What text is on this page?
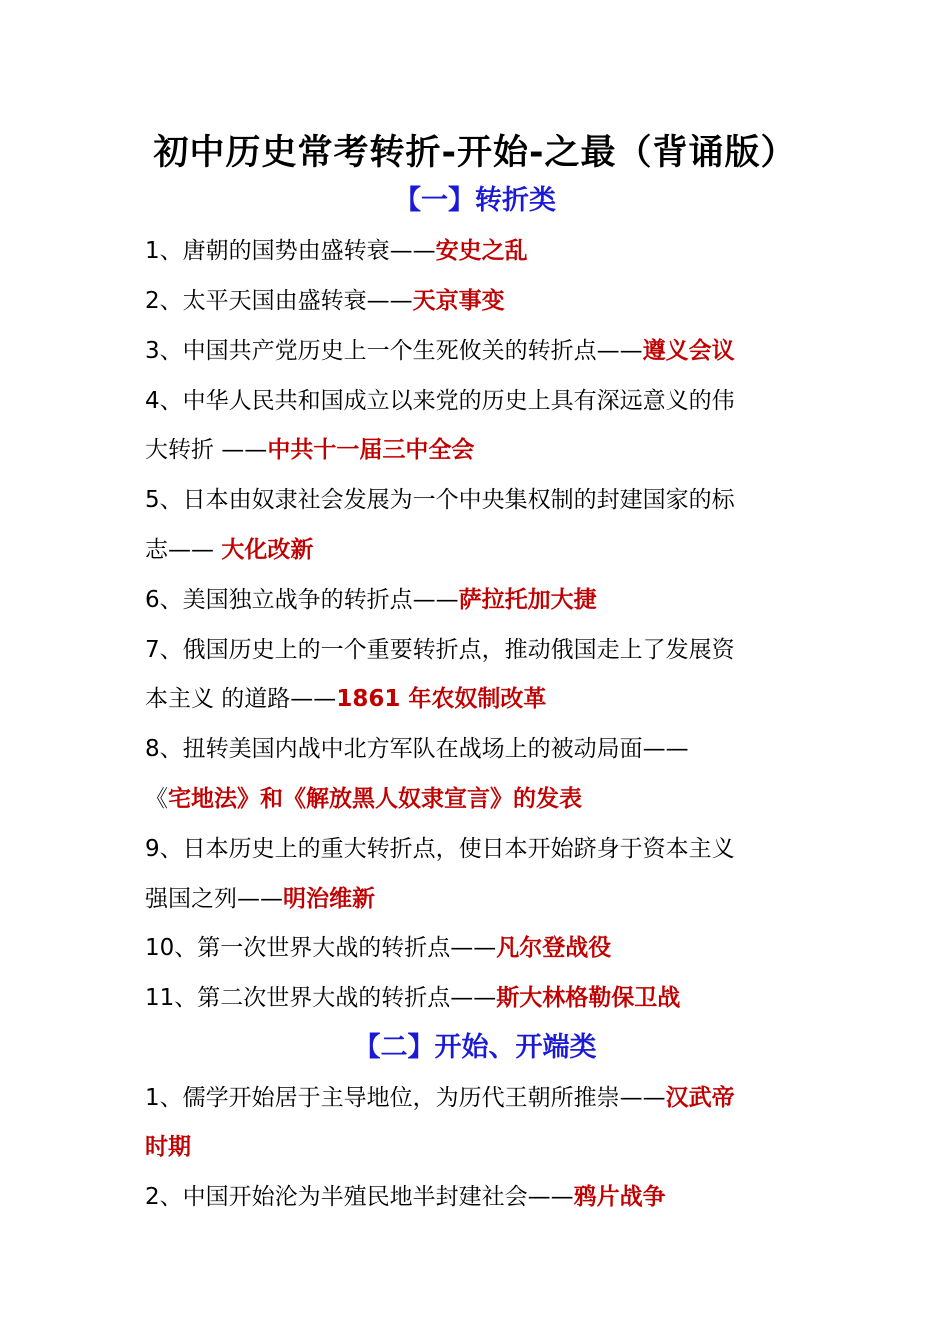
初中历史常考转折-开始-之最（背诵版）
【一】转折类
1、唐朝的国势由盛转衰——安史之乱
2、太平天国由盛转衰——天京事变
3、中国共产党历史上一个生死攸关的转折点——遵义会议
4、中华人民共和国成立以来党的历史上具有深远意义的伟
大转折 ——中共十一届三中全会
5、日本由奴隶社会发展为一个中央集权制的封建国家的标
志—— 大化改新
6、美国独立战争的转折点——萨拉托加大捷
7、俄国历史上的一个重要转折点，推动俄国走上了发展资
本主义 的道路——1861 年农奴制改革
8、扭转美国内战中北方军队在战场上的被动局面——
《宅地法》和《解放黑人奴隶宣言》的发表
9、日本历史上的重大转折点，使日本开始跻身于资本主义
强国之列——明治维新
10、第一次世界大战的转折点——凡尔登战役
11、第二次世界大战的转折点——斯大林格勒保卫战
【二】开始、开端类
1、儒学开始居于主导地位，为历代王朝所推崇——汉武帝
时期
2、中国开始沦为半殖民地半封建社会——鸦片战争
